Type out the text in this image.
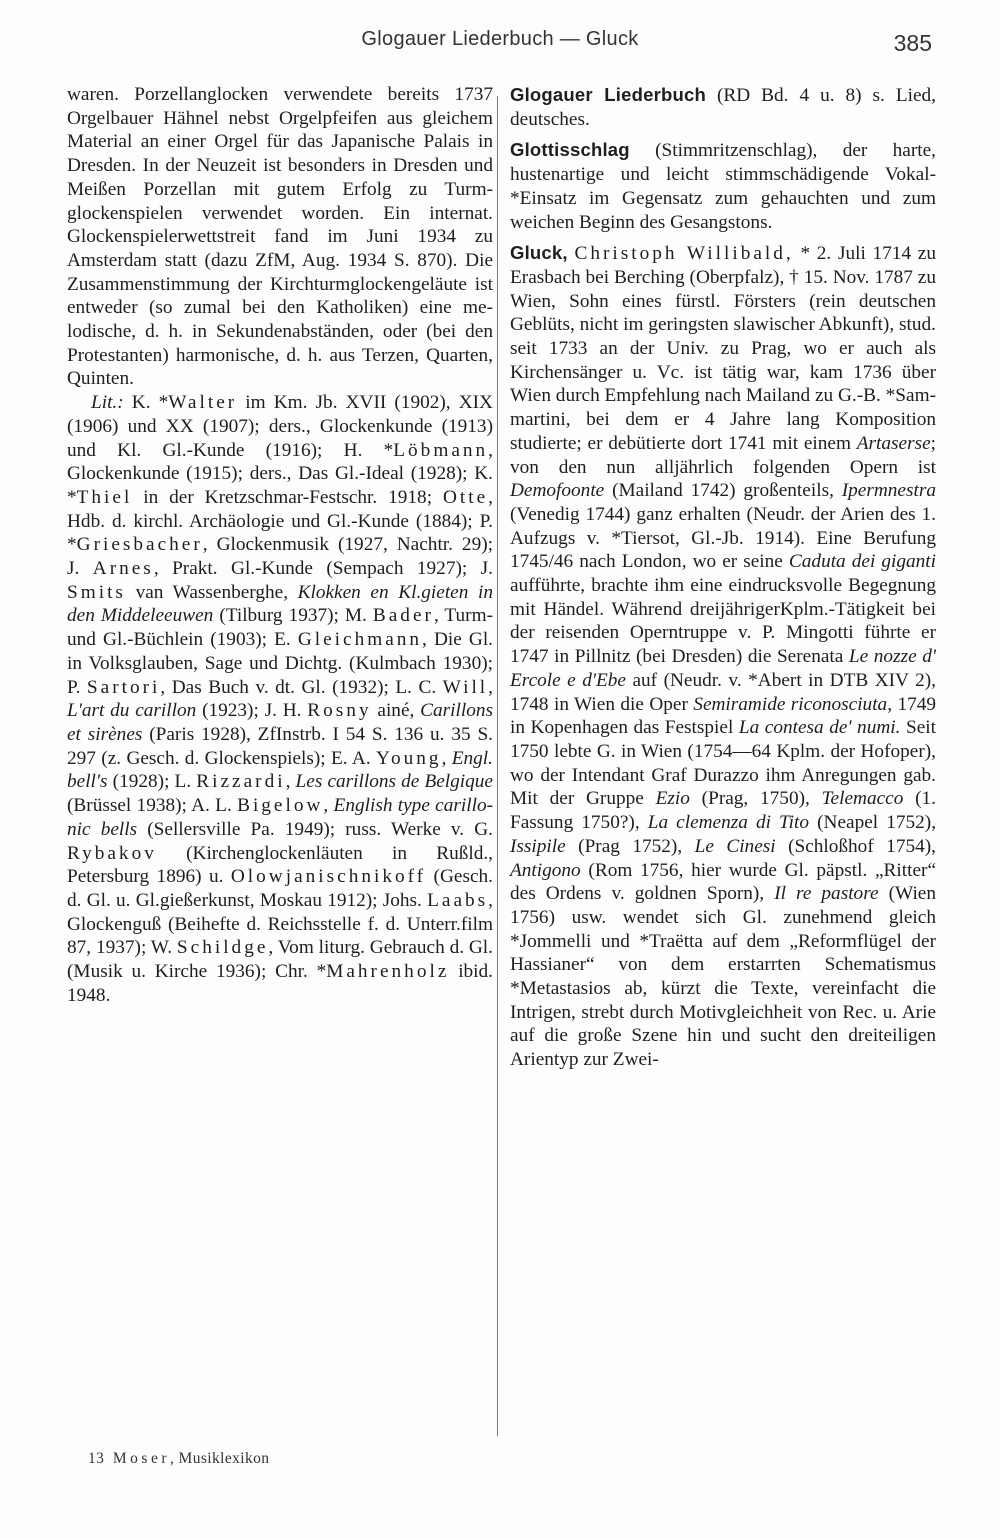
Glogauer Liederbuch — Gluck	385

waren. Porzellanglocken verwendete bereits 1737 Orgelbauer Hähnel nebst Orgelpfeifen aus gleichem Material an einer Orgel für das Japanische Palais in Dresden. In der Neuzeit ist besonders in Dresden und Meißen Porzellan mit gutem Erfolg zu Turmglockenspielen verwendet worden. Ein internat. Glockenspielerwettstreit fand im Juni 1934 zu Amsterdam statt (dazu ZfM, Aug. 1934 S. 870). Die Zusammenstimmung der Kirchturmglockengeläute ist entweder (so zumal bei den Katholiken) eine melodische, d. h. in Sekundenabständen, oder (bei den Protestanten) harmonische, d. h. aus Terzen, Quarten, Quinten.

Lit.: K. *Walter im Km. Jb. XVII (1902), XIX (1906) und XX (1907); ders., Glockenkunde (1913) und Kl. Gl.-Kunde (1916); H. *Löbmann, Glockenkunde (1915); ders., Das Gl.-Ideal (1928); K. *Thiel in der Kretzschmar-Festschr. 1918; Otte, Hdb. d. kirchl. Archäologie und Gl.-Kunde (1884); P. *Griesbacher, Glockenmusik (1927, Nachtr. 29); J. Arnes, Prakt. Gl.-Kunde (Sempach 1927); J. Smits van Wassenberghe, Klokken en Kl.gieten in den Middeleeuwen (Tilburg 1937); M. Bader, Turm- und Gl.-Büchlein (1903); E. Gleichmann, Die Gl. in Volksglauben, Sage und Dichtg. (Kulmbach 1930); P. Sartori, Das Buch v. dt. Gl. (1932); L. C. Will, L'art du carillon (1923); J. H. Rosny ainé, Carillons et sirènes (Paris 1928), ZfInstrb. I 54 S. 136 u. 35 S. 297 (z. Gesch. d. Glockenspiels); E. A. Young, Engl. bell's (1928); L. Rizzardi, Les carillons de Belgique (Brüssel 1938); A. L. Bigelow, English type carillonic bells (Sellersville Pa. 1949); russ. Werke v. G. Rybakov (Kirchenglockenläuten in Rußld., Petersburg 1896) u. Olowjanischnikoff (Gesch. d. Gl. u. Gl.gießerkunst, Moskau 1912); Johs. Laabs, Glockenguß (Beihefte d. Reichsstelle f. d. Unterr.film 87, 1937); W. Schildge, Vom liturg. Gebrauch d. Gl. (Musik u. Kirche 1936); Chr. *Mahrenholz ibid. 1948.

Glogauer Liederbuch (RD Bd. 4 u. 8) s. Lied, deutsches.

Glottisschlag (Stimmritzenschlag), der harte, hustenartige und leicht stimmschädigende Vokal-*Einsatz im Gegensatz zum gehauchten und zum weichen Beginn des Gesangstons.

Gluck, Christoph Willibald, * 2. Juli 1714 zu Erasbach bei Berching (Oberpfalz), † 15. Nov. 1787 zu Wien, Sohn eines fürstl. Försters (rein deutschen Geblüts, nicht im geringsten slawischer Abkunft), stud. seit 1733 an der Univ. zu Prag, wo er auch als Kirchensänger u. Vc. ist tätig war, kam 1736 über Wien durch Empfehlung nach Mailand zu G.-B. *Sammartini, bei dem er 4 Jahre lang Komposition studierte; er debütierte dort 1741 mit einem Artaserse; von den nun alljährlich folgenden Opern ist Demofoonte (Mailand 1742) großenteils, Ipermnestra (Venedig 1744) ganz erhalten (Neudr. der Arien des 1. Aufzugs v. *Tiersot, Gl.-Jb. 1914). Eine Berufung 1745/46 nach London, wo er seine Caduta dei giganti aufführte, brachte ihm eine eindrucksvolle Begegnung mit Händel. Während dreijährigerKplm.-Tätigkeit bei der reisenden Operntruppe v. P. Mingotti führte er 1747 in Pillnitz (bei Dresden) die Serenata Le nozze d' Ercole e d'Ebe auf (Neudr. v. *Abert in DTB XIV 2), 1748 in Wien die Oper Semiramide riconosciuta, 1749 in Kopenhagen das Festspiel La contesa de' numi. Seit 1750 lebte G. in Wien (1754—64 Kplm. der Hofoper), wo der Intendant Graf Durazzo ihm Anregungen gab. Mit der Gruppe Ezio (Prag, 1750), Telemacco (1. Fassung 1750?), La clemenza di Tito (Neapel 1752), Issipile (Prag 1752), Le Cinesi (Schloßhof 1754), Antigono (Rom 1756, hier wurde Gl. päpstl. „Ritter“ des Ordens v. goldnen Sporn), Il re pastore (Wien 1756) usw. wendet sich Gl. zunehmend gleich *Jommelli und *Traëtta auf dem „Reformflügel der Hassianer“ von dem erstarrten Schematismus *Metastasios ab, kürzt die Texte, vereinfacht die Intrigen, strebt durch Motivgleichheit von Rec. u. Arie auf die große Szene hin und sucht den dreiteiligen Arientyp zur Zwei-

13 Moser, Musiklexikon
